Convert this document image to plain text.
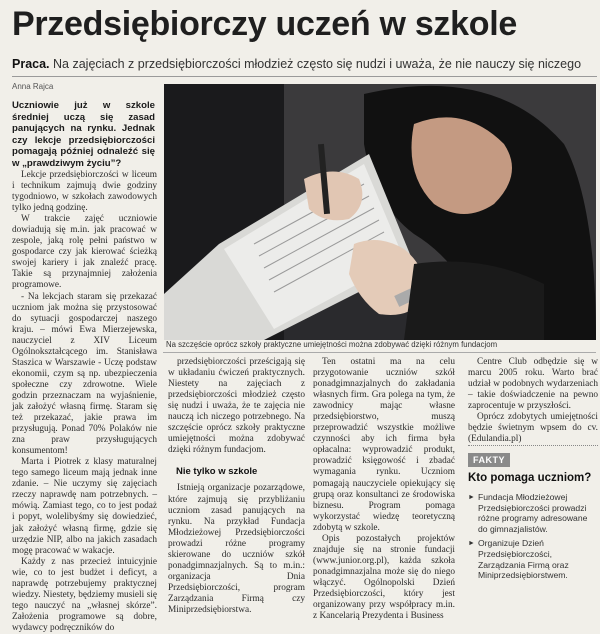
Przedsiębiorczy uczeń w szkole
Praca. Na zajęciach z przedsiębiorczości młodzież często się nudzi i uważa, że nie nauczy się niczego
Anna Rajca
Uczniowie już w szkole średniej uczą się zasad panujących na rynku. Jednak czy lekcje przedsiębiorczości pomagają później odnaleźć się w „prawdziwym życiu”?

Lekcje przedsiębiorczości w liceum i technikum zajmują dwie godziny tygodniowo, w szkołach zawodowych tylko jedną godzinę.

W trakcie zajęć uczniowie dowiadują się m.in. jak pracować w zespole, jaką rolę pełni państwo w gospodarce czy jak kierować ścieżką swojej kariery i jak znaleźć pracę. Takie są przynajmniej założenia programowe.

- Na lekcjach staram się przekazać uczniom jak można się przystosować do sytuacji gospodarczej naszego kraju. – mówi Ewa Mierzejewska, nauczyciel z XIV Liceum Ogólnokształcącego im. Stanisława Staszica w Warszawie - Uczę podstaw ekonomii, czym są np. ubezpieczenia społeczne czy zdrowotne. Wiele godzin przeznaczam na wyjaśnienie, jak założyć własną firmę. Staram się też przekazać, jakie prawa im przysługują. Ponad 70% Polaków nie zna praw przysługujących konsumentom!

Marta i Piotrek z klasy maturalnej tego samego liceum mają jednak inne zdanie. – Nie uczymy się zajęciach rzeczy naprawdę nam potrzebnych. – mówią. Zamiast tego, co to jest podaż i popyt, wolelibyśmy się dowiedzieć, jak założyć własną firmę, gdzie się urzędzie NIP, albo na jakich zasadach mogę pracować w wakacje.

Każdy z nas przecież intuicyjnie wie, co to jest budżet i deficyt, a naprawdę potrzebujemy praktycznej wiedzy. Niestety, będziemy musieli się tego nauczyć na „własnej skórze”. Założenia programowe są dobre, wydawcy podręczników do

Na szczęście oprócz szkoły praktyczne umiejętności można zdobywać dzięki różnym fundacjom

przedsiębiorczości prześcigają się w układaniu ćwiczeń praktycznych. Niestety na zajęciach z przedsiębiorczości młodzież często się nudzi i uważa, że te zajęcia nie nauczą ich niczego potrzebnego. Na szczęście oprócz szkoły praktyczne umiejętności można zdobywać dzięki różnym fundacjom.

Nie tylko w szkole

Istnieją organizacje pozarządowe, które zajmują się przybliżaniu uczniom zasad panujących na rynku. Na przykład Fundacja Młodzieżowej Przedsiębiorczości prowadzi różne programy skierowane do uczniów szkół ponadgimnazjalnych. Są to m.in.: organizacja Dnia Przedsiębiorczości, program Zarządzania Firmą czy Miniprzedsiębiorstwa.

Ten ostatni ma na celu przygotowanie uczniów szkół ponadgimnazjalnych do zakładania własnych firm. Gra polega na tym, że zawodnicy mając własne przedsiębiorstwo, muszą przeprowadzić wszystkie możliwe czynności aby ich firma była opłacalna: wyprowadzić produkt, prowadzić księgowość i zbadać wymagania rynku. Uczniom pomagają nauczyciele opiekujący się grupą oraz konsultanci ze środowiska biznesu. Program pomaga wykorzystać wiedzę teoretyczną zdobytą w szkole.

Opis pozostałych projektów znajduje się na stronie fundacji (www.junior.org.pl), każda szkoła ponadgimnazjalna może się do niego włączyć. Ogólnopolski Dzień Przedsiębiorczości, który jest organizowany przy współpracy m.in. z Kancelarią Prezydenta i Business

Centre Club odbędzie się w marcu 2005 roku. Warto brać udział w podobnych wydarzeniach – takie doświadczenie na pewno zaprocentuje w przyszłości.

Oprócz zdobytych umiejętności będzie świetnym wpsem do cv. (Edulandia.pl)

FAKTY
Kto pomaga uczniom?
► Fundacja Młodzieżowej Przedsiębiorczości prowadzi różne programy adresowane do gimnazjalistów.
► Organizuje Dzień Przedsiębiorczości, Zarządzania Firmą oraz Miniprzedsiębiorstwem.
